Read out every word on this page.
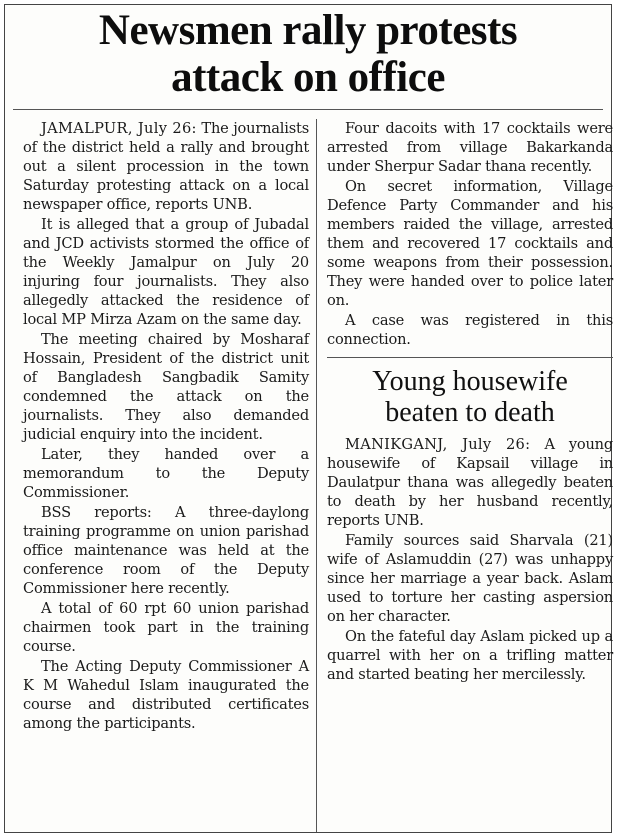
Newsmen rally protests
attack on office

JAMALPUR, July 26: The journalists of the district held a rally and brought out a silent procession in the town Saturday protesting attack on a local newspaper office, reports UNB.

It is alleged that a group of Jubadal and JCD activists stormed the office of the Weekly Jamalpur on July 20 injuring four journalists. They also allegedly attacked the residence of local MP Mirza Azam on the same day.

The meeting chaired by Mosharaf Hossain, President of the district unit of Bangladesh Sangbadik Samity condemned the attack on the journalists. They also demanded judicial enquiry into the incident.

Later, they handed over a memorandum to the Deputy Commissioner.

BSS reports: A three-daylong training programme on union parishad office maintenance was held at the conference room of the Deputy Commissioner here recently.

A total of 60 rpt 60 union parishad chairmen took part in the training course.

The Acting Deputy Commissioner A K M Wahedul Islam inaugurated the course and distributed certificates among the participants.

Four dacoits with 17 cocktails were arrested from village Bakarkanda under Sherpur Sadar thana recently.

On secret information, Village Defence Party Commander and his members raided the village, arrested them and recovered 17 cocktails and some weapons from their possession. They were handed over to police later on.

A case was registered in this connection.

Young housewife
beaten to death

MANIKGANJ, July 26: A young housewife of Kapsail village in Daulatpur thana was allegedly beaten to death by her husband recently, reports UNB.

Family sources said Sharvala (21) wife of Aslamuddin (27) was unhappy since her marriage a year back. Aslam used to torture her casting aspersion on her character.

On the fateful day Aslam picked up a quarrel with her on a trifling matter and started beating her mercilessly.
